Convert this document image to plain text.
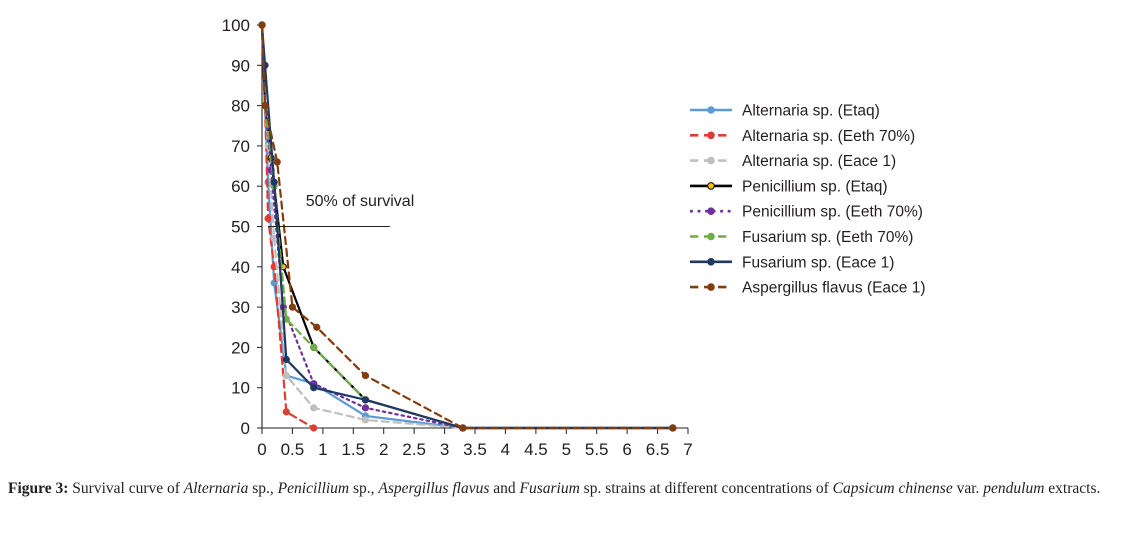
0
10
20
30
40
50
60
70
80
90
100
0 0.5 1 1.5 2 2.5 3 3.5 4 4.5 5 5.5 6 6.5 7
50% of survival
Alternaria sp. (Etaq)
Alternaria sp. (Eeth 70%)
Alternaria sp. (Eace 1)
Penicillium sp. (Etaq)
Penicillium sp. (Eeth 70%)
Fusarium sp. (Eeth 70%)
Fusarium sp. (Eace 1)
Aspergillus flavus (Eace 1)
Figure 3: Survival curve of Alternaria sp., Penicillium sp., Aspergillus flavus and Fusarium sp. strains at different concentrations of Capsicum chinense var. pendulum extracts.
